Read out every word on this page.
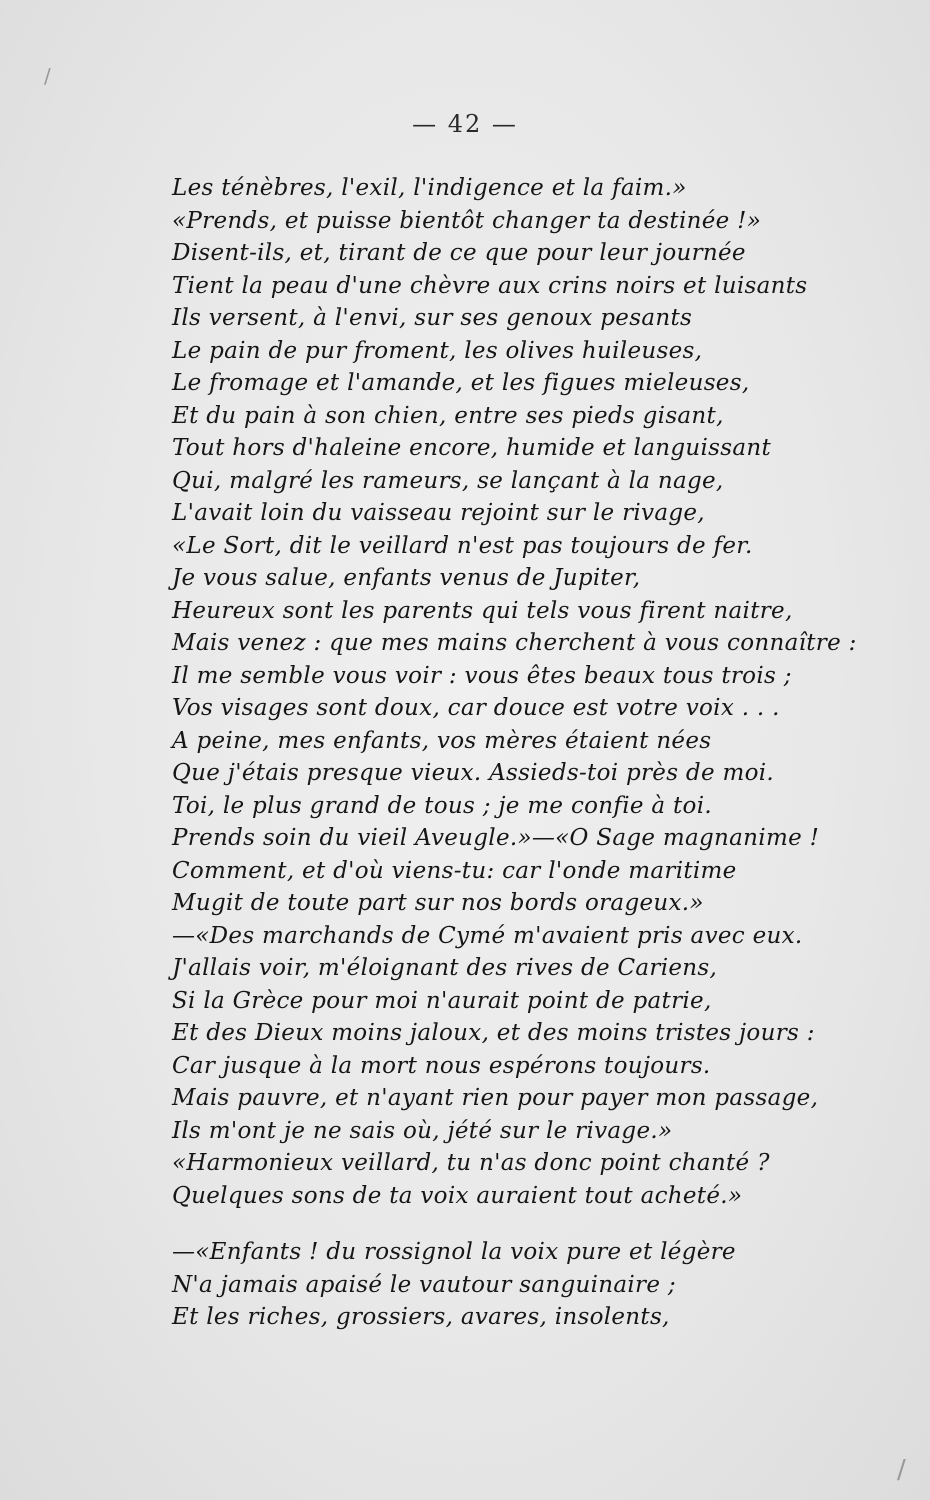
/
/
— 42 —
Les ténèbres, l'exil, l'indigence et la faim.»
«Prends, et puisse bientôt changer ta destinée !»
Disent-ils, et, tirant de ce que pour leur journée
Tient la peau d'une chèvre aux crins noirs et luisants
Ils versent, à l'envi, sur ses genoux pesants
Le pain de pur froment, les olives huileuses,
Le fromage et l'amande, et les figues mieleuses,
Et du pain à son chien, entre ses pieds gisant,
Tout hors d'haleine encore, humide et languissant
Qui, malgré les rameurs, se lançant à la nage,
L'avait loin du vaisseau rejoint sur le rivage,
«Le Sort, dit le veillard n'est pas toujours de fer.
Je vous salue, enfants venus de Jupiter,
Heureux sont les parents qui tels vous firent naitre,
Mais venez : que mes mains cherchent à vous connaître :
Il me semble vous voir : vous êtes beaux tous trois ;
Vos visages sont doux, car douce est votre voix . . .
A peine, mes enfants, vos mères étaient nées
Que j'étais presque vieux. Assieds-toi près de moi.
Toi, le plus grand de tous ; je me confie à toi.
Prends soin du vieil Aveugle.»—«O Sage magnanime !
Comment, et d'où viens-tu: car l'onde maritime
Mugit de toute part sur nos bords orageux.»
—«Des marchands de Cymé m'avaient pris avec eux.
J'allais voir, m'éloignant des rives de Cariens,
Si la Grèce pour moi n'aurait point de patrie,
Et des Dieux moins jaloux, et des moins tristes jours :
Car jusque à la mort nous espérons toujours.
Mais pauvre, et n'ayant rien pour payer mon passage,
Ils m'ont je ne sais où, jété sur le rivage.»
«Harmonieux veillard, tu n'as donc point chanté ?
Quelques sons de ta voix auraient tout acheté.»
—«Enfants ! du rossignol la voix pure et légère
N'a jamais apaisé le vautour sanguinaire ;
Et les riches, grossiers, avares, insolents,
